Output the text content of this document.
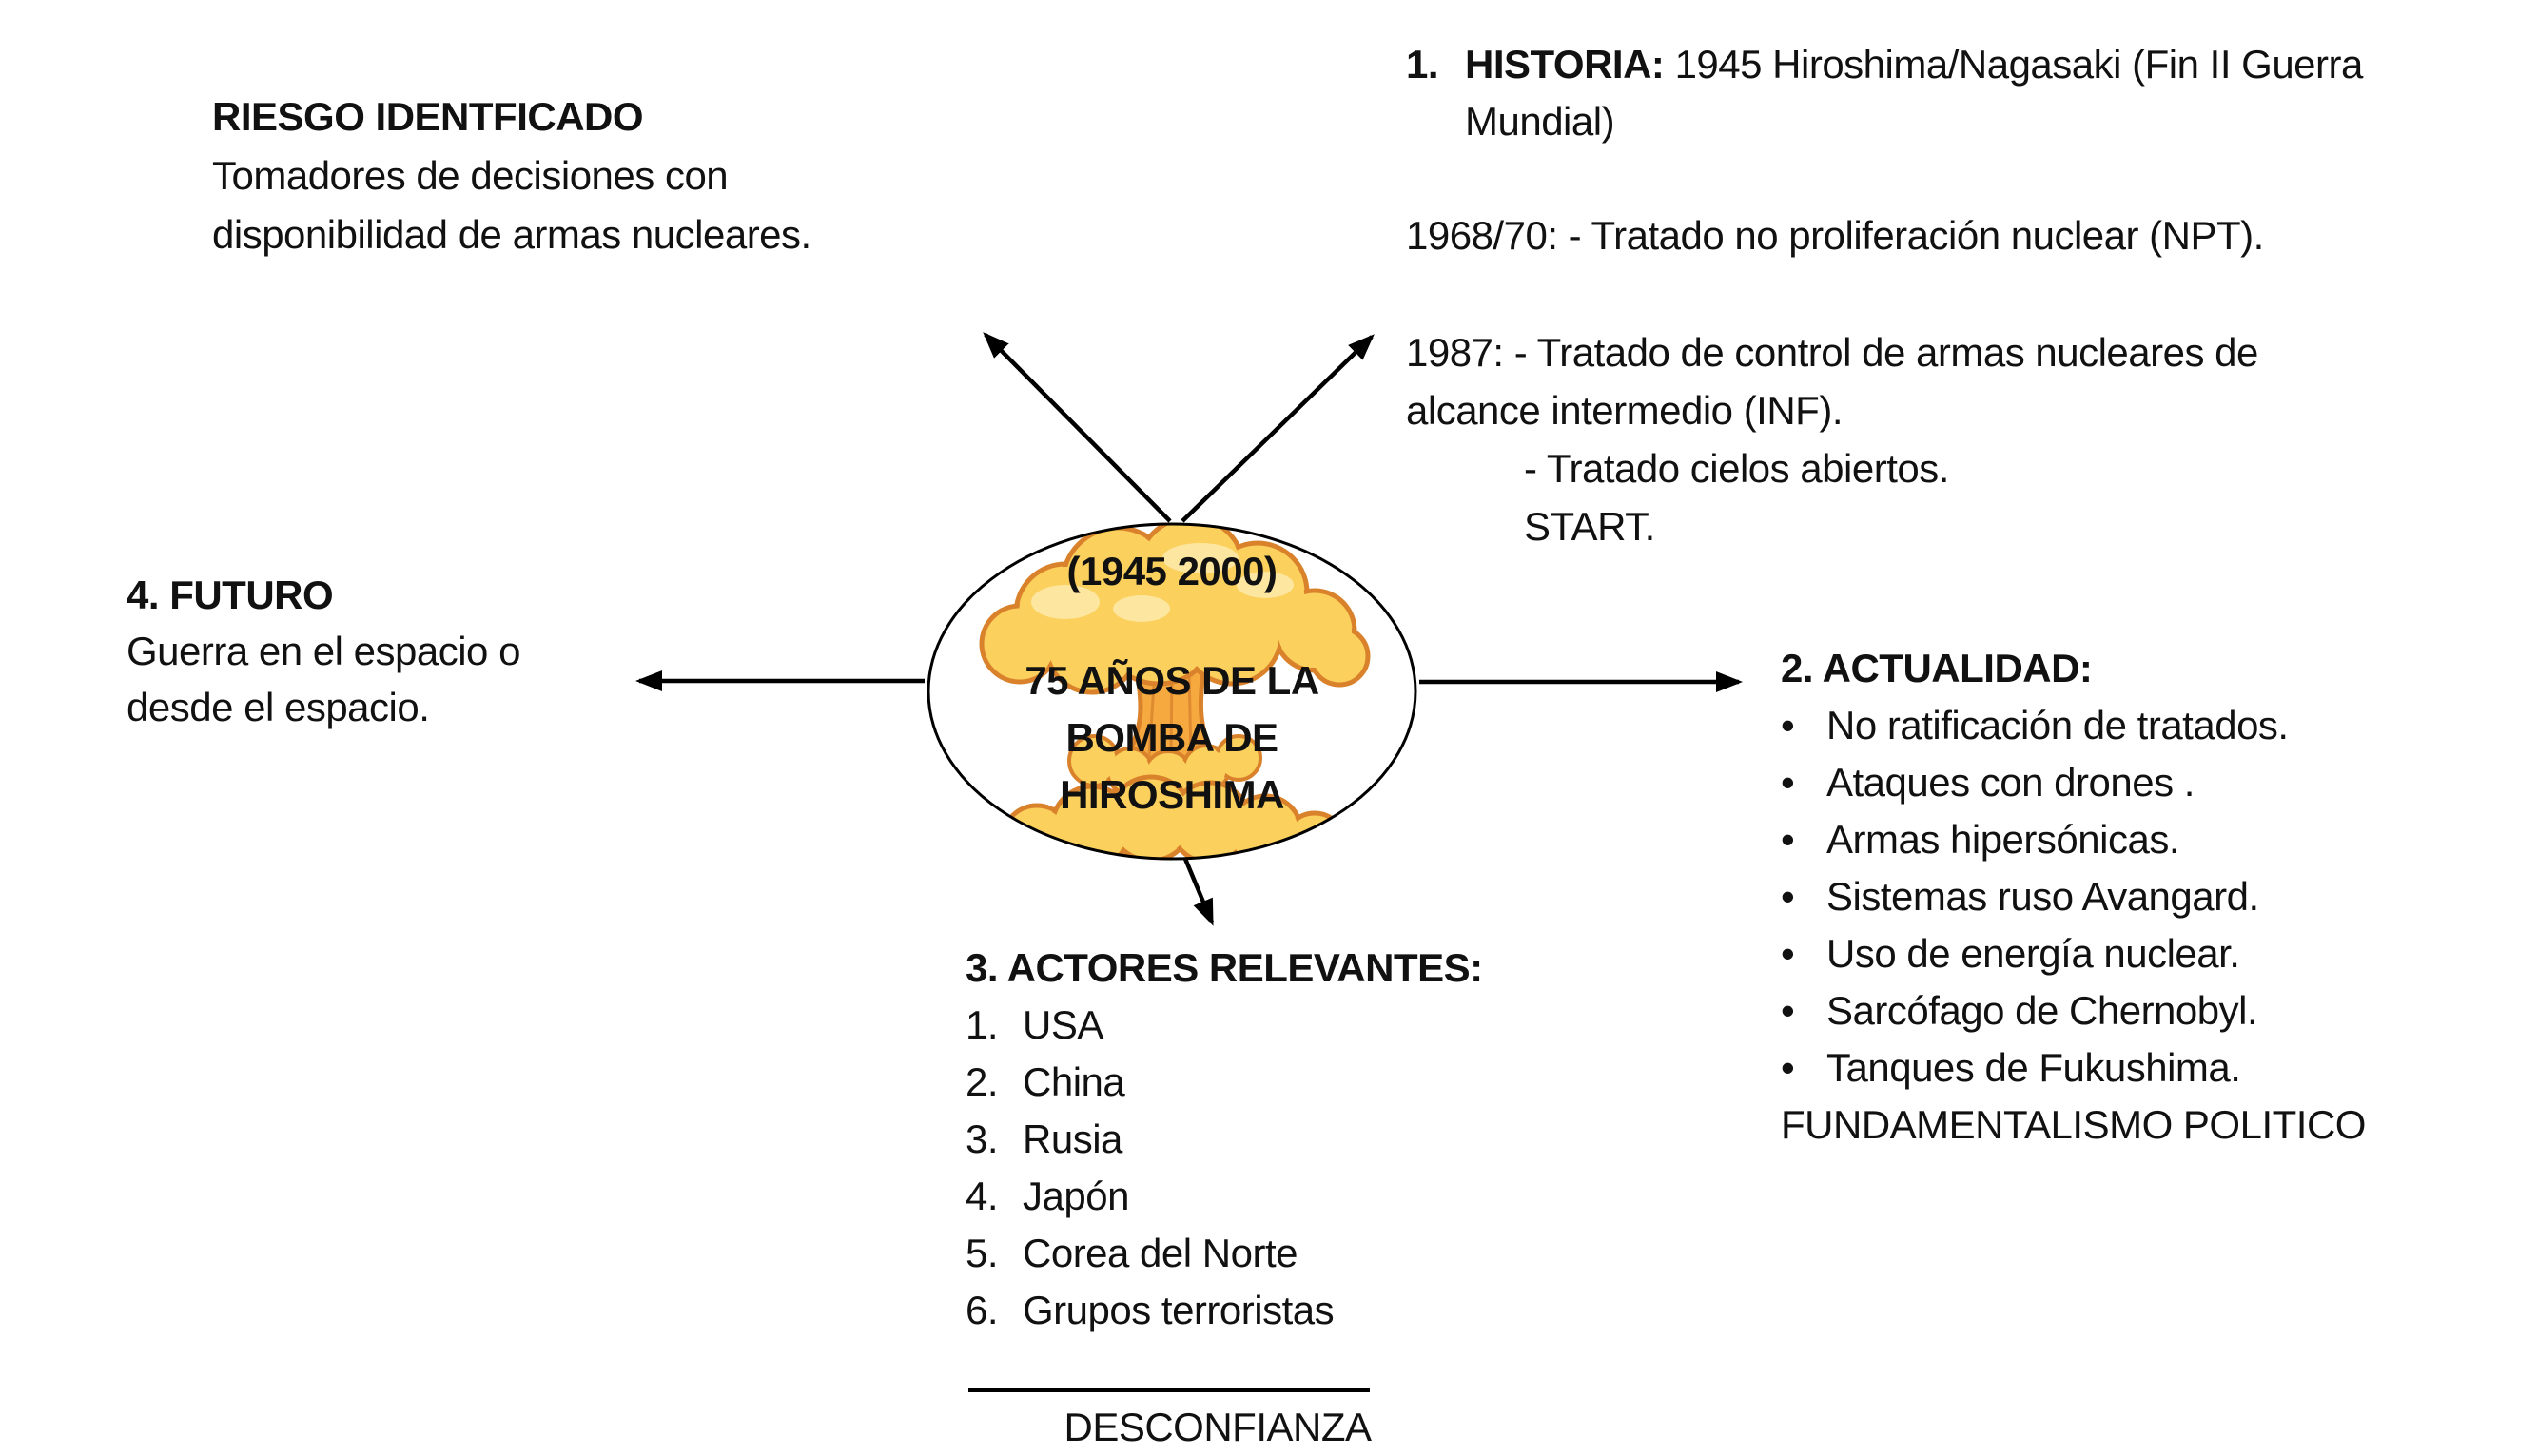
(1945 2000)
75 AÑOS DE LA
BOMBA DE
HIROSHIMA
RIESGO IDENTFICADO
Tomadores de decisiones con
disponibilidad de armas nucleares.
1. HISTORIA: 1945 Hiroshima/Nagasaki (Fin II Guerra
Mundial)
1968/70: - Tratado no proliferación nuclear (NPT).
1987: - Tratado de control de armas nucleares de
alcance intermedio (INF).
- Tratado cielos abiertos.
START.
4. FUTURO
Guerra en el espacio o
desde el espacio.
2. ACTUALIDAD:
• No ratificación de tratados.
• Ataques con drones .
• Armas hipersónicas.
• Sistemas ruso Avangard.
• Uso de energía nuclear.
• Sarcófago de Chernobyl.
• Tanques de Fukushima.
FUNDAMENTALISMO POLITICO
3. ACTORES RELEVANTES:
1. USA
2. China
3. Rusia
4. Japón
5. Corea del Norte
6. Grupos terroristas
DESCONFIANZA
